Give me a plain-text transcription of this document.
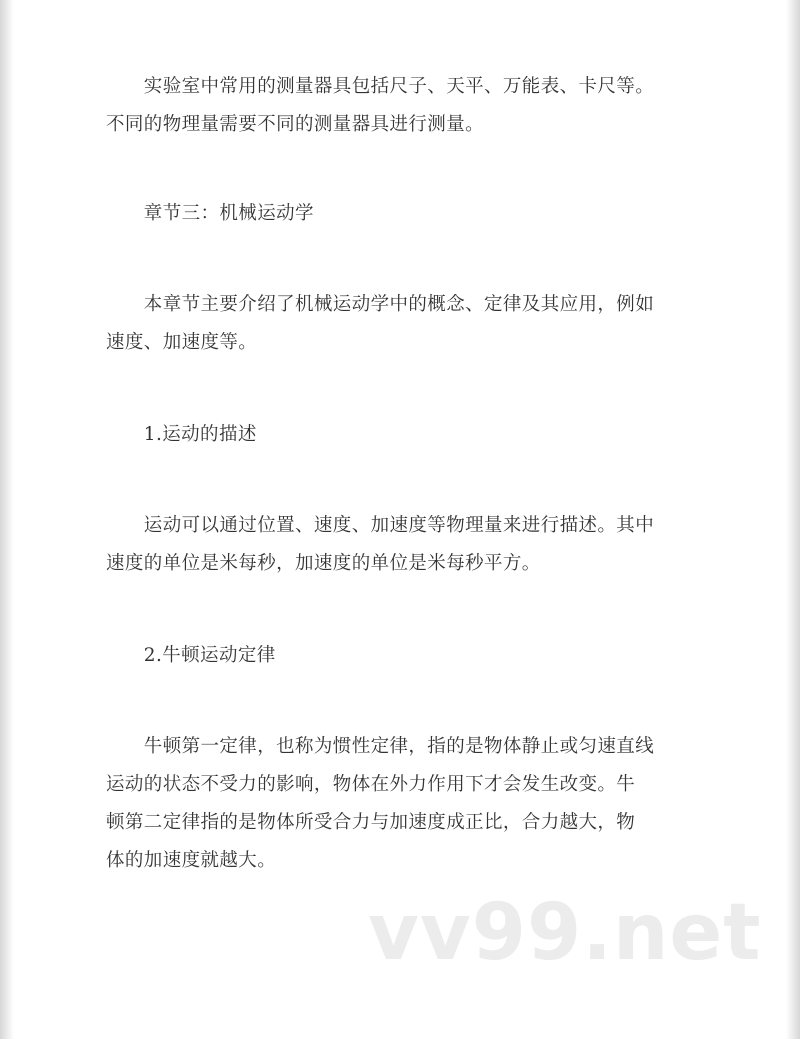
　　实验室中常用的测量器具包括尺子、天平、万能表、卡尺等。
不同的物理量需要不同的测量器具进行测量。

　　章节三：机械运动学

　　本章节主要介绍了机械运动学中的概念、定律及其应用，例如
速度、加速度等。

　　1.运动的描述

　　运动可以通过位置、速度、加速度等物理量来进行描述。其中
速度的单位是米每秒，加速度的单位是米每秒平方。

　　2.牛顿运动定律

　　牛顿第一定律，也称为惯性定律，指的是物体静止或匀速直线
运动的状态不受力的影响，物体在外力作用下才会发生改变。牛
顿第二定律指的是物体所受合力与加速度成正比，合力越大，物
体的加速度就越大。

vv99.net
